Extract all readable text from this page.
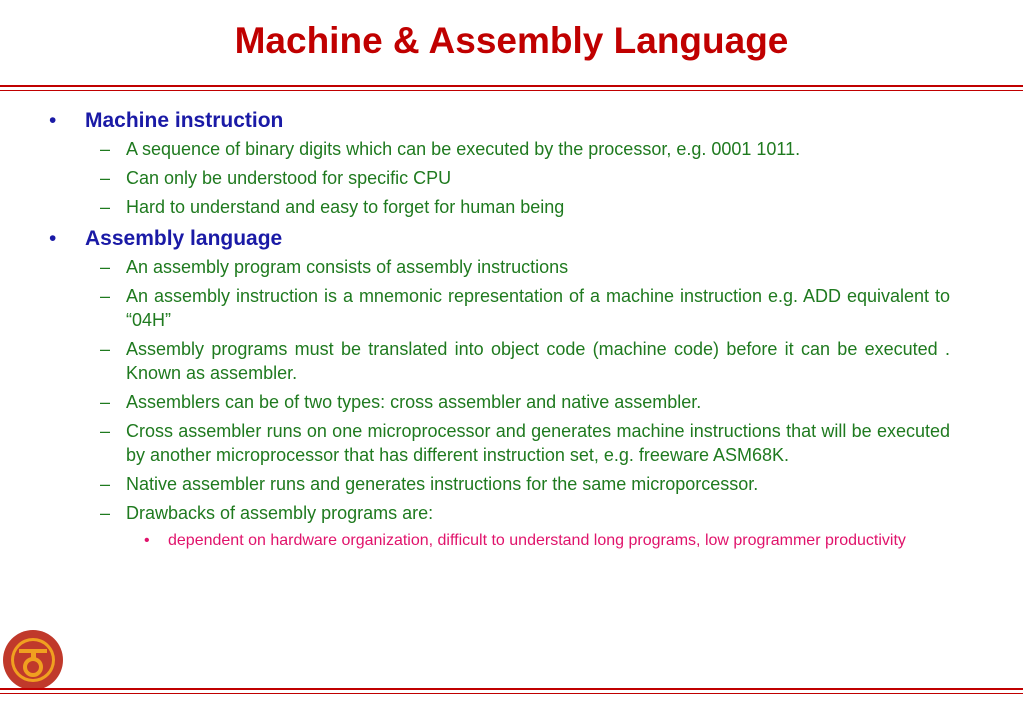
Machine & Assembly Language
• Machine instruction
– A sequence of binary digits which can be executed by the processor, e.g. 0001 1011.
– Can only be understood for specific CPU
– Hard to understand and easy to forget for human being
• Assembly language
– An assembly program consists of assembly instructions
– An assembly instruction is a mnemonic representation of a machine instruction e.g. ADD equivalent to “04H”
– Assembly programs must be translated into object code (machine code) before it can be executed . Known as assembler.
– Assemblers can be of two types: cross assembler and native assembler.
– Cross assembler runs on one microprocessor and generates machine instructions that will be executed by another microprocessor that has different instruction set, e.g. freeware ASM68K.
– Native assembler runs and generates instructions for the same microporcessor.
– Drawbacks of assembly programs are:
• dependent on hardware organization, difficult to understand long programs, low programmer productivity
